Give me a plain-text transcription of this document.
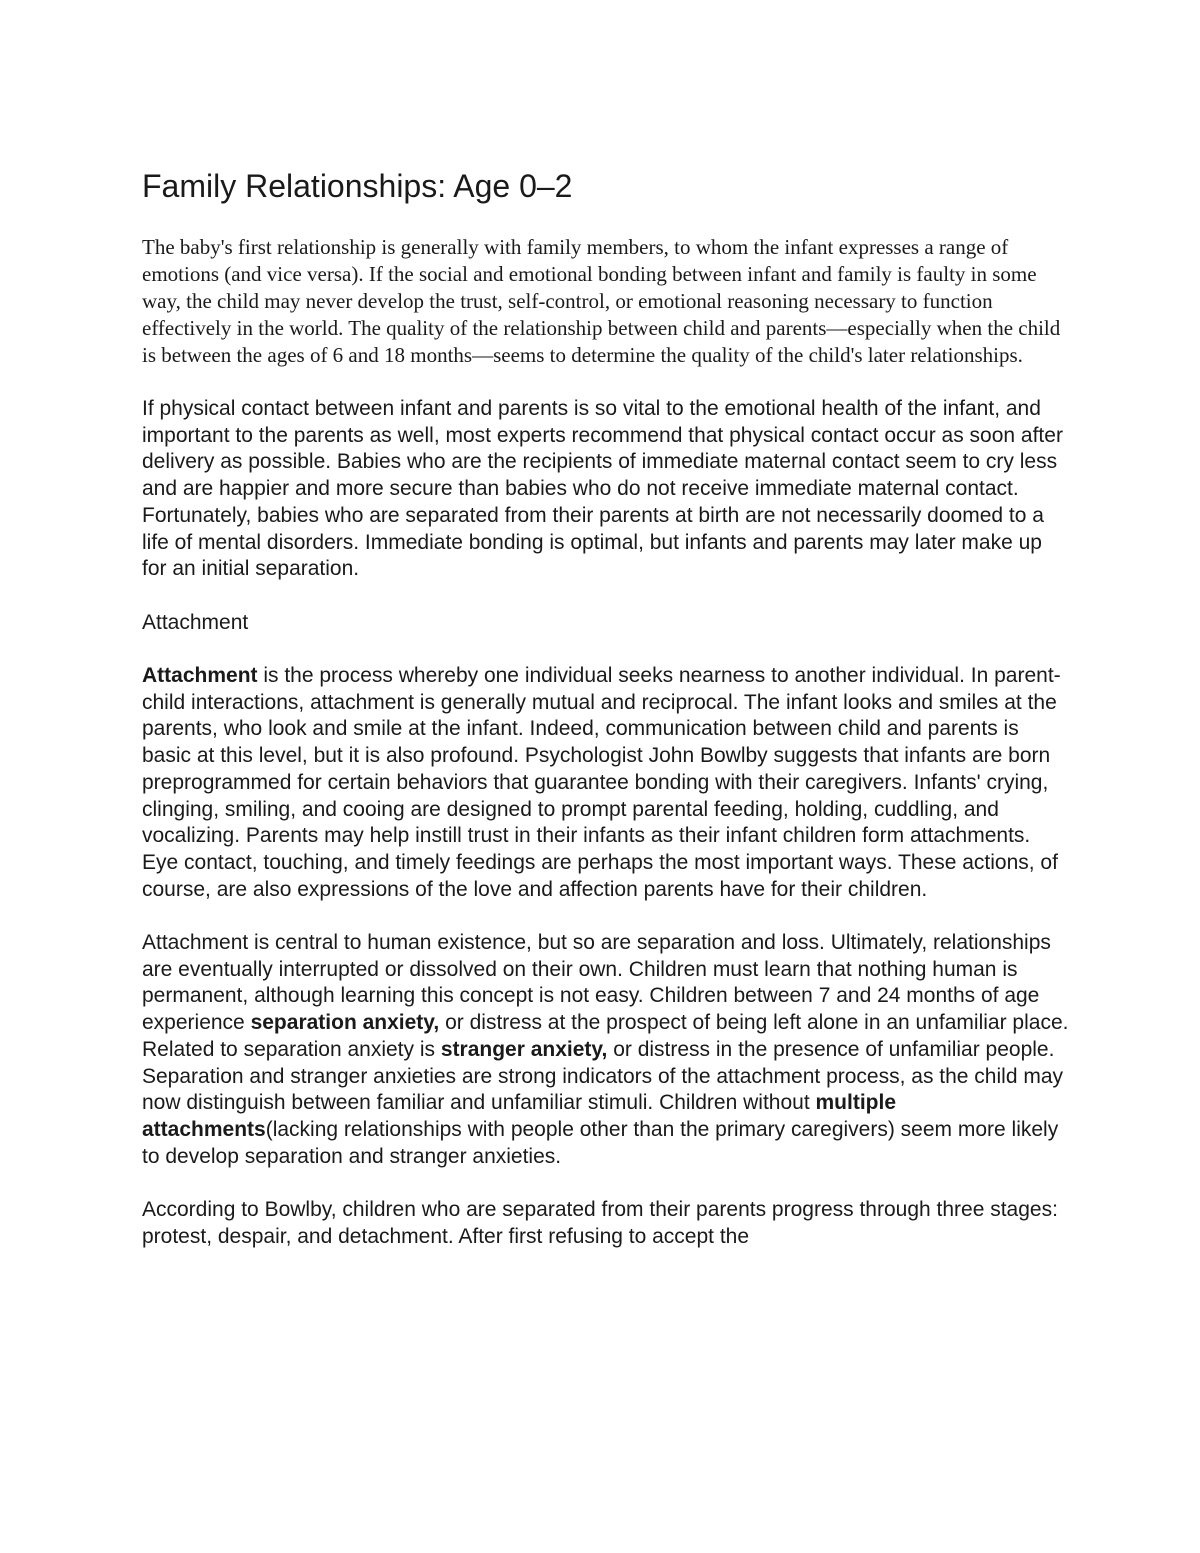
Family Relationships: Age 0–2

The baby's first relationship is generally with family members, to whom the infant expresses a range of emotions (and vice versa). If the social and emotional bonding between infant and family is faulty in some way, the child may never develop the trust, self-control, or emotional reasoning necessary to function effectively in the world. The quality of the relationship between child and parents—especially when the child is between the ages of 6 and 18 months—seems to determine the quality of the child's later relationships.

If physical contact between infant and parents is so vital to the emotional health of the infant, and important to the parents as well, most experts recommend that physical contact occur as soon after delivery as possible. Babies who are the recipients of immediate maternal contact seem to cry less and are happier and more secure than babies who do not receive immediate maternal contact. Fortunately, babies who are separated from their parents at birth are not necessarily doomed to a life of mental disorders. Immediate bonding is optimal, but infants and parents may later make up for an initial separation.

Attachment

Attachment is the process whereby one individual seeks nearness to another individual. In parent-child interactions, attachment is generally mutual and reciprocal. The infant looks and smiles at the parents, who look and smile at the infant. Indeed, communication between child and parents is basic at this level, but it is also profound. Psychologist John Bowlby suggests that infants are born preprogrammed for certain behaviors that guarantee bonding with their caregivers. Infants' crying, clinging, smiling, and cooing are designed to prompt parental feeding, holding, cuddling, and vocalizing. Parents may help instill trust in their infants as their infant children form attachments. Eye contact, touching, and timely feedings are perhaps the most important ways. These actions, of course, are also expressions of the love and affection parents have for their children.

Attachment is central to human existence, but so are separation and loss. Ultimately, relationships are eventually interrupted or dissolved on their own. Children must learn that nothing human is permanent, although learning this concept is not easy. Children between 7 and 24 months of age experience separation anxiety, or distress at the prospect of being left alone in an unfamiliar place. Related to separation anxiety is stranger anxiety, or distress in the presence of unfamiliar people. Separation and stranger anxieties are strong indicators of the attachment process, as the child may now distinguish between familiar and unfamiliar stimuli. Children without multiple attachments(lacking relationships with people other than the primary caregivers) seem more likely to develop separation and stranger anxieties.

According to Bowlby, children who are separated from their parents progress through three stages: protest, despair, and detachment. After first refusing to accept the
